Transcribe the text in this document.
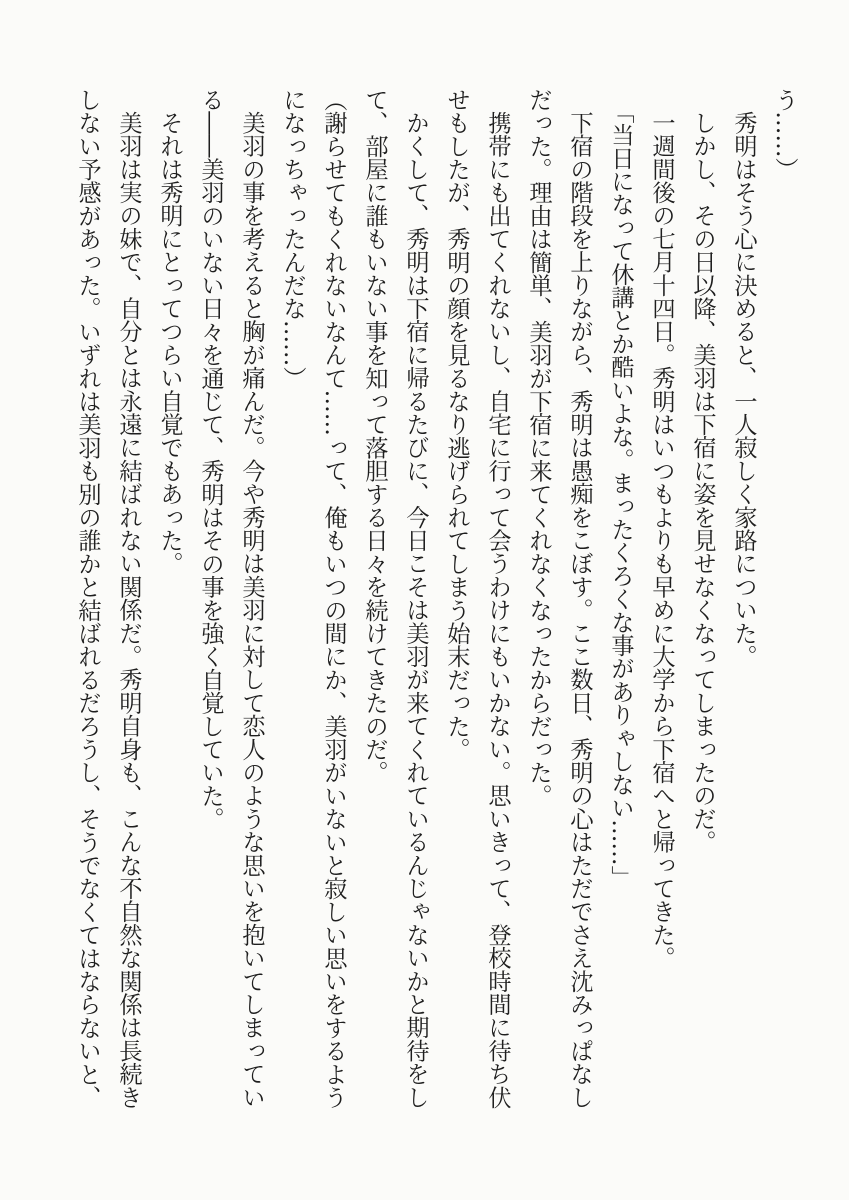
う……）

秀明はそう心に決めると、一人寂しく家路についた。

しかし、その日以降、美羽は下宿に姿を見せなくなってしまったのだ。

一週間後の七月十四日。秀明はいつもよりも早めに大学から下宿へと帰ってきた。

「当日になって休講とか酷いよな。まったくろくな事がありゃしない……」

下宿の階段を上りながら、秀明は愚痴をこぼす。ここ数日、秀明の心はただでさえ沈みっぱなしだった。理由は簡単、美羽が下宿に来てくれなくなったからだった。

携帯にも出てくれないし、自宅に行って会うわけにもいかない。思いきって、登校時間に待ち伏せもしたが、秀明の顔を見るなり逃げられてしまう始末だった。

かくして、秀明は下宿に帰るたびに、今日こそは美羽が来てくれているんじゃないかと期待をして、部屋に誰もいない事を知って落胆する日々を続けてきたのだ。

（謝らせてもくれないなんて……って、俺もいつの間にか、美羽がいないと寂しい思いをするようになっちゃったんだな……）

美羽の事を考えると胸が痛んだ。今や秀明は美羽に対して恋人のような思いを抱いてしまっている――美羽のいない日々を通じて、秀明はその事を強く自覚していた。

それは秀明にとってつらい自覚でもあった。

美羽は実の妹で、自分とは永遠に結ばれない関係だ。秀明自身も、こんな不自然な関係は長続きしない予感があった。いずれは美羽も別の誰かと結ばれるだろうし、そうでなくてはならないと、
